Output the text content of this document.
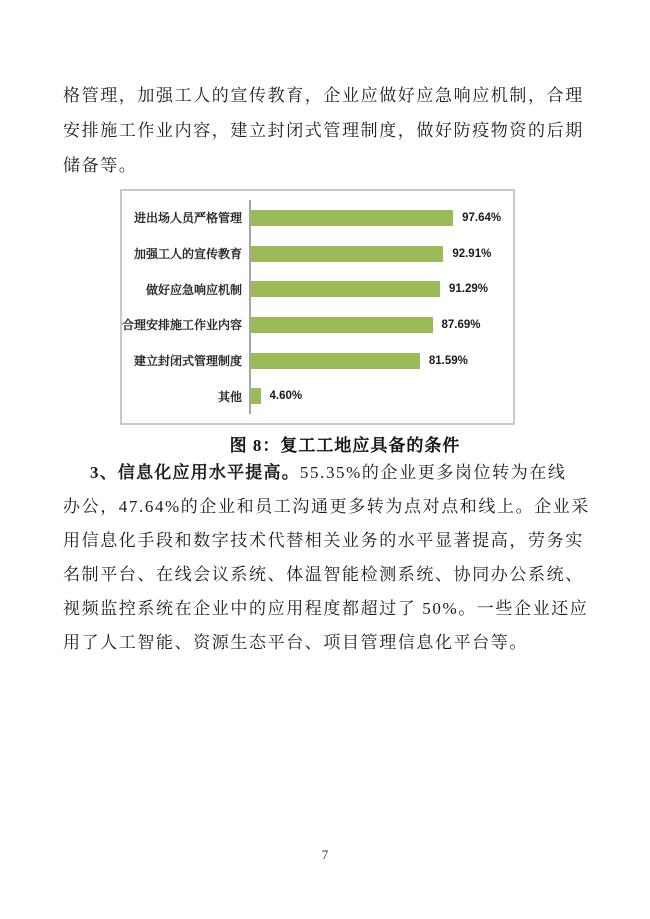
格管理，加强工人的宣传教育，企业应做好应急响应机制，合理
安排施工作业内容，建立封闭式管理制度，做好防疫物资的后期
储备等。
进出场人员严格管理	97.64%
加强工人的宣传教育	92.91%
做好应急响应机制	91.29%
合理安排施工作业内容	87.69%
建立封闭式管理制度	81.59%
其他	4.60%
图 8：复工工地应具备的条件
3、信息化应用水平提高。55.35%的企业更多岗位转为在线
办公，47.64%的企业和员工沟通更多转为点对点和线上。企业采
用信息化手段和数字技术代替相关业务的水平显著提高，劳务实
名制平台、在线会议系统、体温智能检测系统、协同办公系统、
视频监控系统在企业中的应用程度都超过了 50%。一些企业还应
用了人工智能、资源生态平台、项目管理信息化平台等。
7
